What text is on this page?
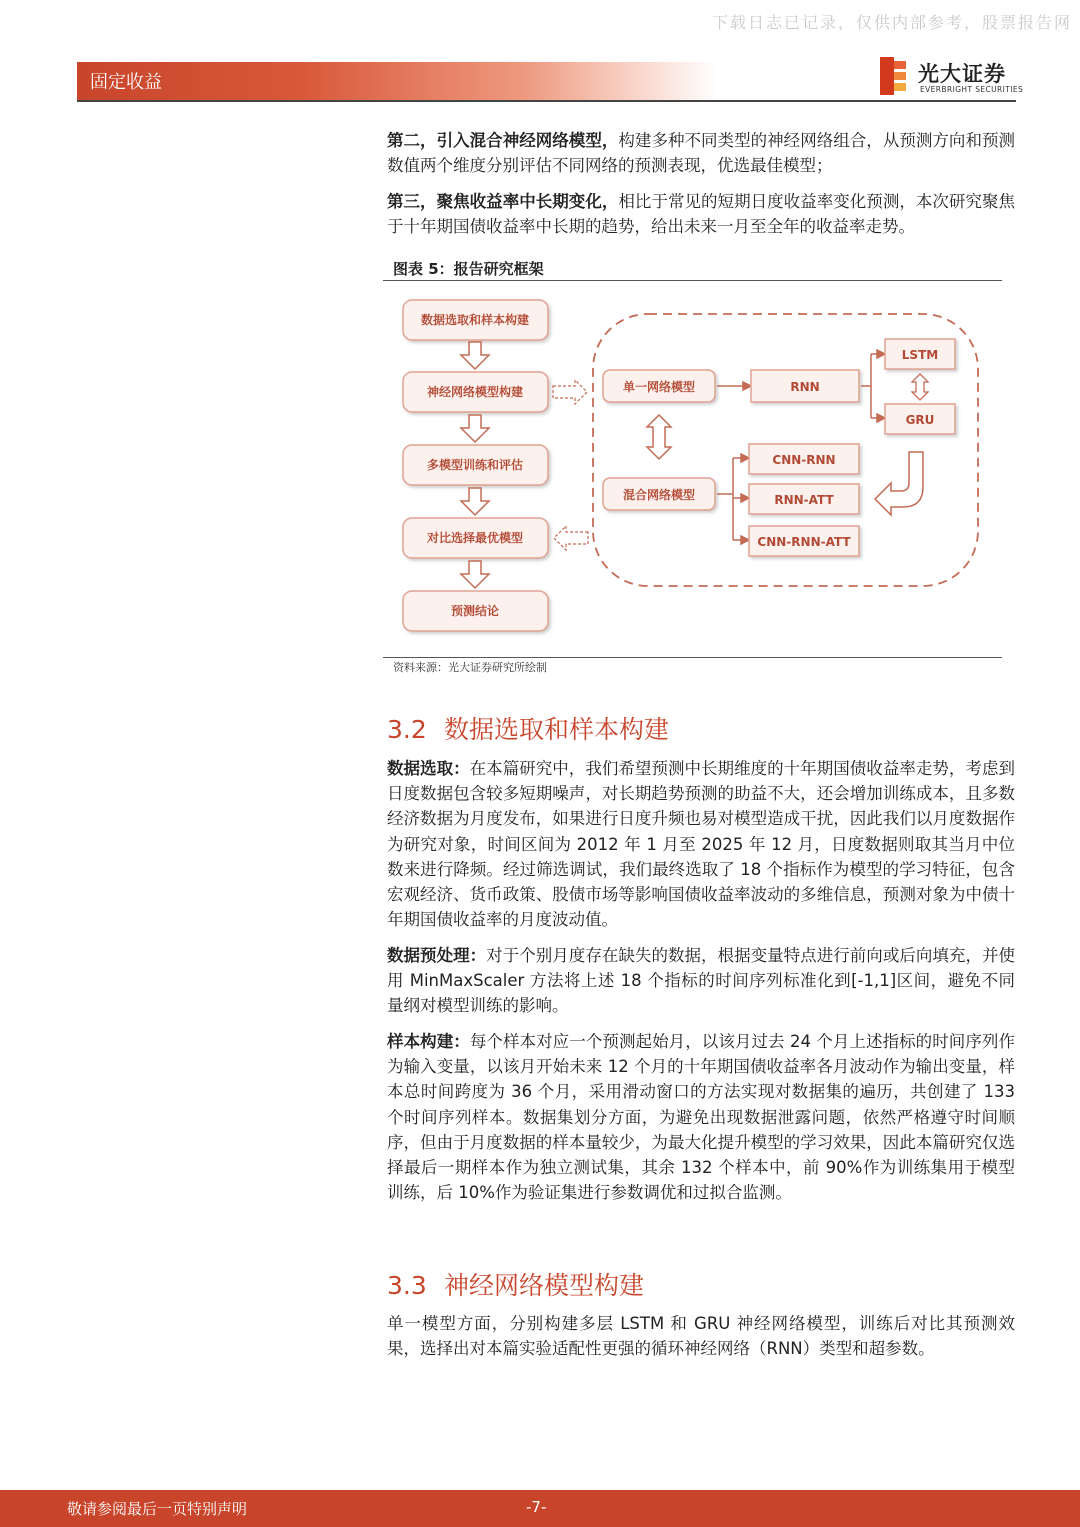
下载日志已记录，仅供内部参考，股票报告网
固定收益	光大证券
EVERBRIGHT SECURITIES

第二，引入混合神经网络模型，构建多种不同类型的神经网络组合，从预测方向和预测数值两个维度分别评估不同网络的预测表现，优选最佳模型；

第三，聚焦收益率中长期变化，相比于常见的短期日度收益率变化预测，本次研究聚焦于十年期国债收益率中长期的趋势，给出未来一月至全年的收益率走势。

图表 5：报告研究框架
数据选取和样本构建
神经网络模型构建
多模型训练和评估
对比选择最优模型
预测结论
单一网络模型
混合网络模型
RNN
LSTM
GRU
CNN-RNN
RNN-ATT
CNN-RNN-ATT
资料来源：光大证券研究所绘制
3.2 数据选取和样本构建

数据选取：在本篇研究中，我们希望预测中长期维度的十年期国债收益率走势，考虑到日度数据包含较多短期噪声，对长期趋势预测的助益不大，还会增加训练成本，且多数经济数据为月度发布，如果进行日度升频也易对模型造成干扰，因此我们以月度数据作为研究对象，时间区间为 2012 年 1 月至 2025 年 12 月，日度数据则取其当月中位数来进行降频。经过筛选调试，我们最终选取了 18 个指标作为模型的学习特征，包含宏观经济、货币政策、股债市场等影响国债收益率波动的多维信息，预测对象为中债十年期国债收益率的月度波动值。

数据预处理：对于个别月度存在缺失的数据，根据变量特点进行前向或后向填充，并使用 MinMaxScaler 方法将上述 18 个指标的时间序列标准化到[-1,1]区间，避免不同量纲对模型训练的影响。

样本构建：每个样本对应一个预测起始月，以该月过去 24 个月上述指标的时间序列作为输入变量，以该月开始未来 12 个月的十年期国债收益率各月波动作为输出变量，样本总时间跨度为 36 个月，采用滑动窗口的方法实现对数据集的遍历，共创建了 133 个时间序列样本。数据集划分方面，为避免出现数据泄露问题，依然严格遵守时间顺序，但由于月度数据的样本量较少，为最大化提升模型的学习效果，因此本篇研究仅选择最后一期样本作为独立测试集，其余 132 个样本中，前 90%作为训练集用于模型训练，后 10%作为验证集进行参数调优和过拟合监测。

3.3 神经网络模型构建

单一模型方面，分别构建多层 LSTM 和 GRU 神经网络模型，训练后对比其预测效果，选择出对本篇实验适配性更强的循环神经网络（RNN）类型和超参数。

敬请参阅最后一页特别声明	-7-
